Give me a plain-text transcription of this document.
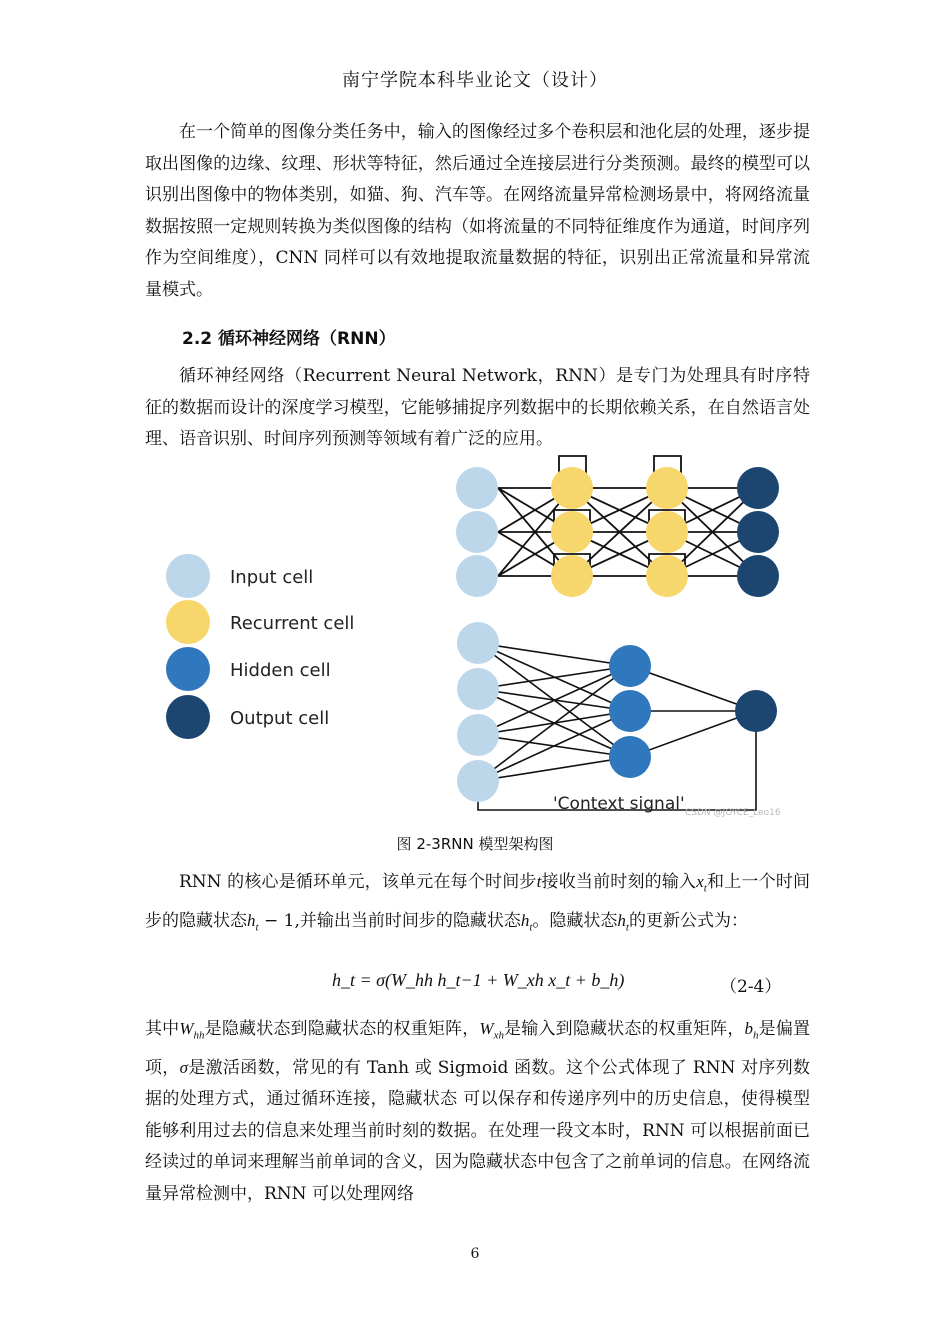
南宁学院本科毕业论文（设计）

在一个简单的图像分类任务中，输入的图像经过多个卷积层和池化层的处理，逐步提取出图像的边缘、纹理、形状等特征，然后通过全连接层进行分类预测。最终的模型可以识别出图像中的物体类别，如猫、狗、汽车等。在网络流量异常检测场景中，将网络流量数据按照一定规则转换为类似图像的结构（如将流量的不同特征维度作为通道，时间序列作为空间维度），CNN 同样可以有效地提取流量数据的特征，识别出正常流量和异常流量模式。

2.2 循环神经网络（RNN）

循环神经网络（Recurrent Neural Network，RNN）是专门为处理具有时序特征的数据而设计的深度学习模型，它能够捕捉序列数据中的长期依赖关系，在自然语言处理、语音识别、时间序列预测等领域有着广泛的应用。

Input cell
Recurrent cell
Hidden cell
Output cell
'Context signal' CSDN @JOYCE_Leo16
图 2-3RNN 模型架构图

RNN 的核心是循环单元，该单元在每个时间步t接收当前时刻的输入$x_t$和上一个时间步的隐藏状态$h_t - 1$,并输出当前时间步的隐藏状态$h_t$。隐藏状态$h_t$的更新公式为：

h_t = σ(W_hh h_t−1 + W_xh x_t + b_h)	（2-4）

其中$W_{hh}$是隐藏状态到隐藏状态的权重矩阵，$W_{xh}$是输入到隐藏状态的权重矩阵，$b_h$是偏置项，σ是激活函数，常见的有 Tanh 或 Sigmoid 函数。这个公式体现了 RNN 对序列数据的处理方式，通过循环连接，隐藏状态 可以保存和传递序列中的历史信息，使得模型能够利用过去的信息来处理当前时刻的数据。在处理一段文本时，RNN 可以根据前面已经读过的单词来理解当前单词的含义，因为隐藏状态中包含了之前单词的信息。在网络流量异常检测中，RNN 可以处理网络

6
